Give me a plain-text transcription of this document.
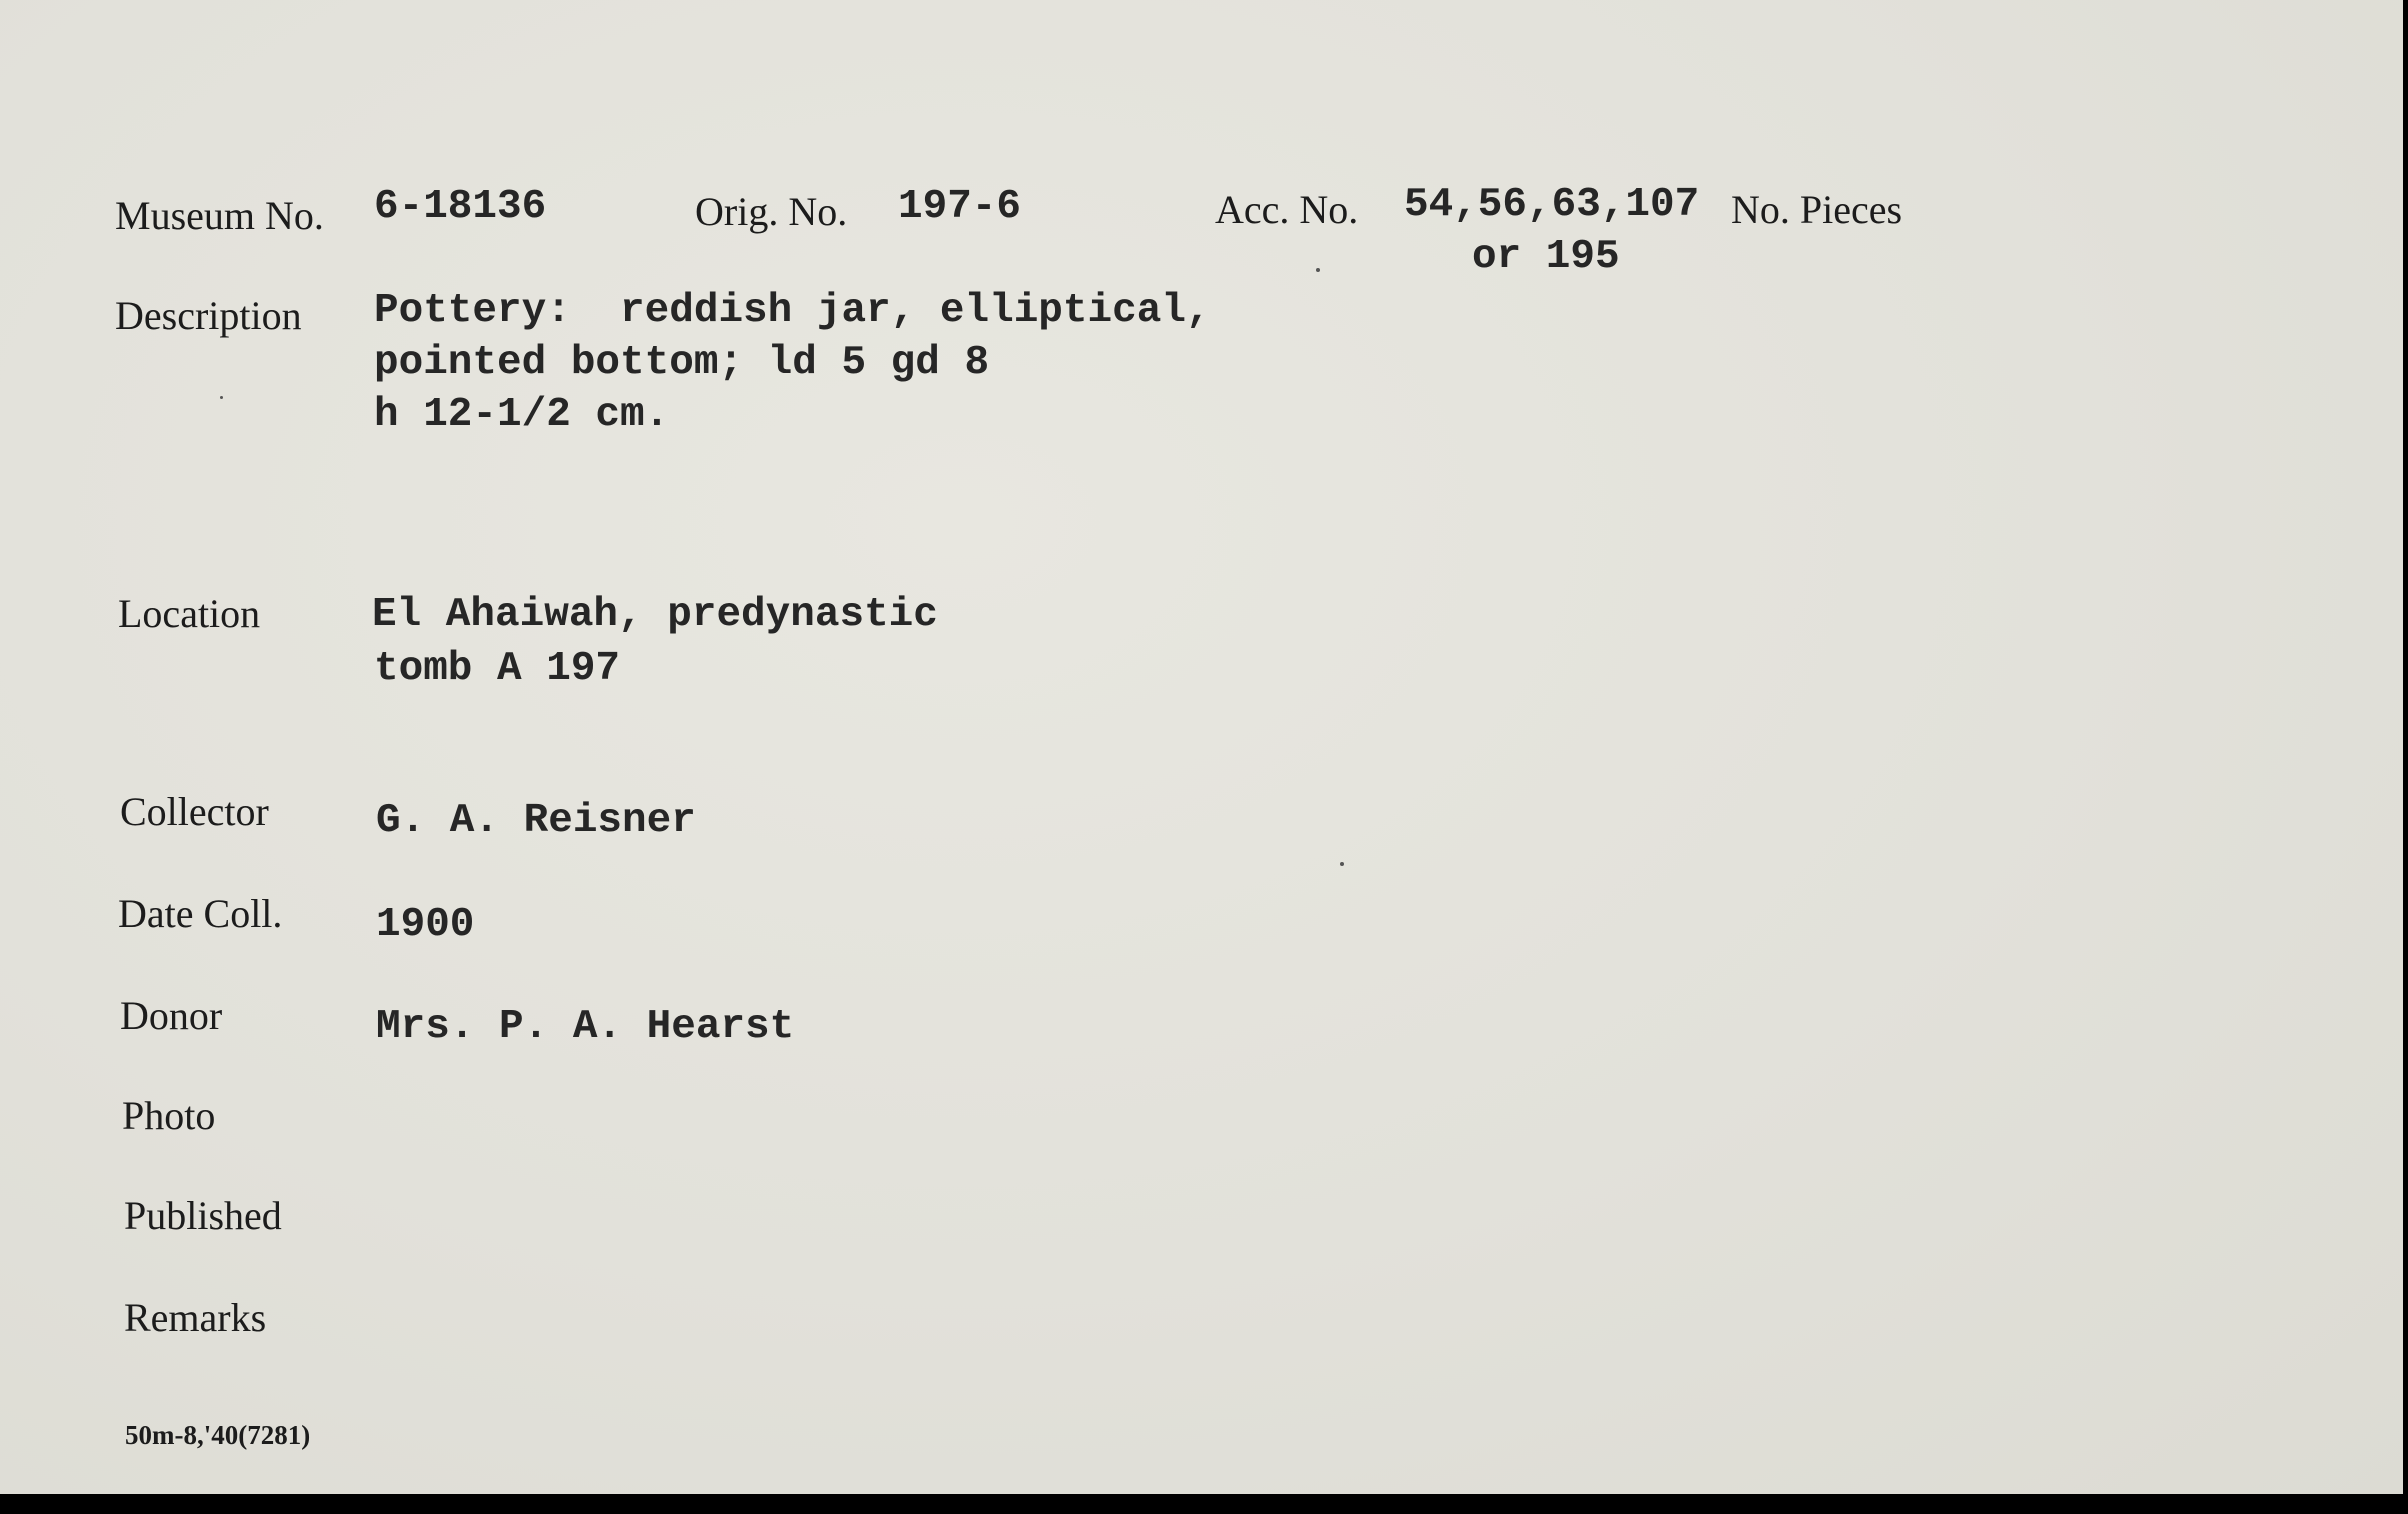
Museum No. 6-18136	Orig. No. 197-6	Acc. No. 54,56,63,107
or 195
No. Pieces
Description Pottery:  reddish jar, elliptical,
pointed bottom; ld 5 gd 8
h 12-1/2 cm.
Location	El Ahaiwah, predynastic
tomb A 197
Collector	G. A. Reisner
Date Coll. 1900
Donor	Mrs. P. A. Hearst
Photo
Published
Remarks
50m-8,'40(7281)
